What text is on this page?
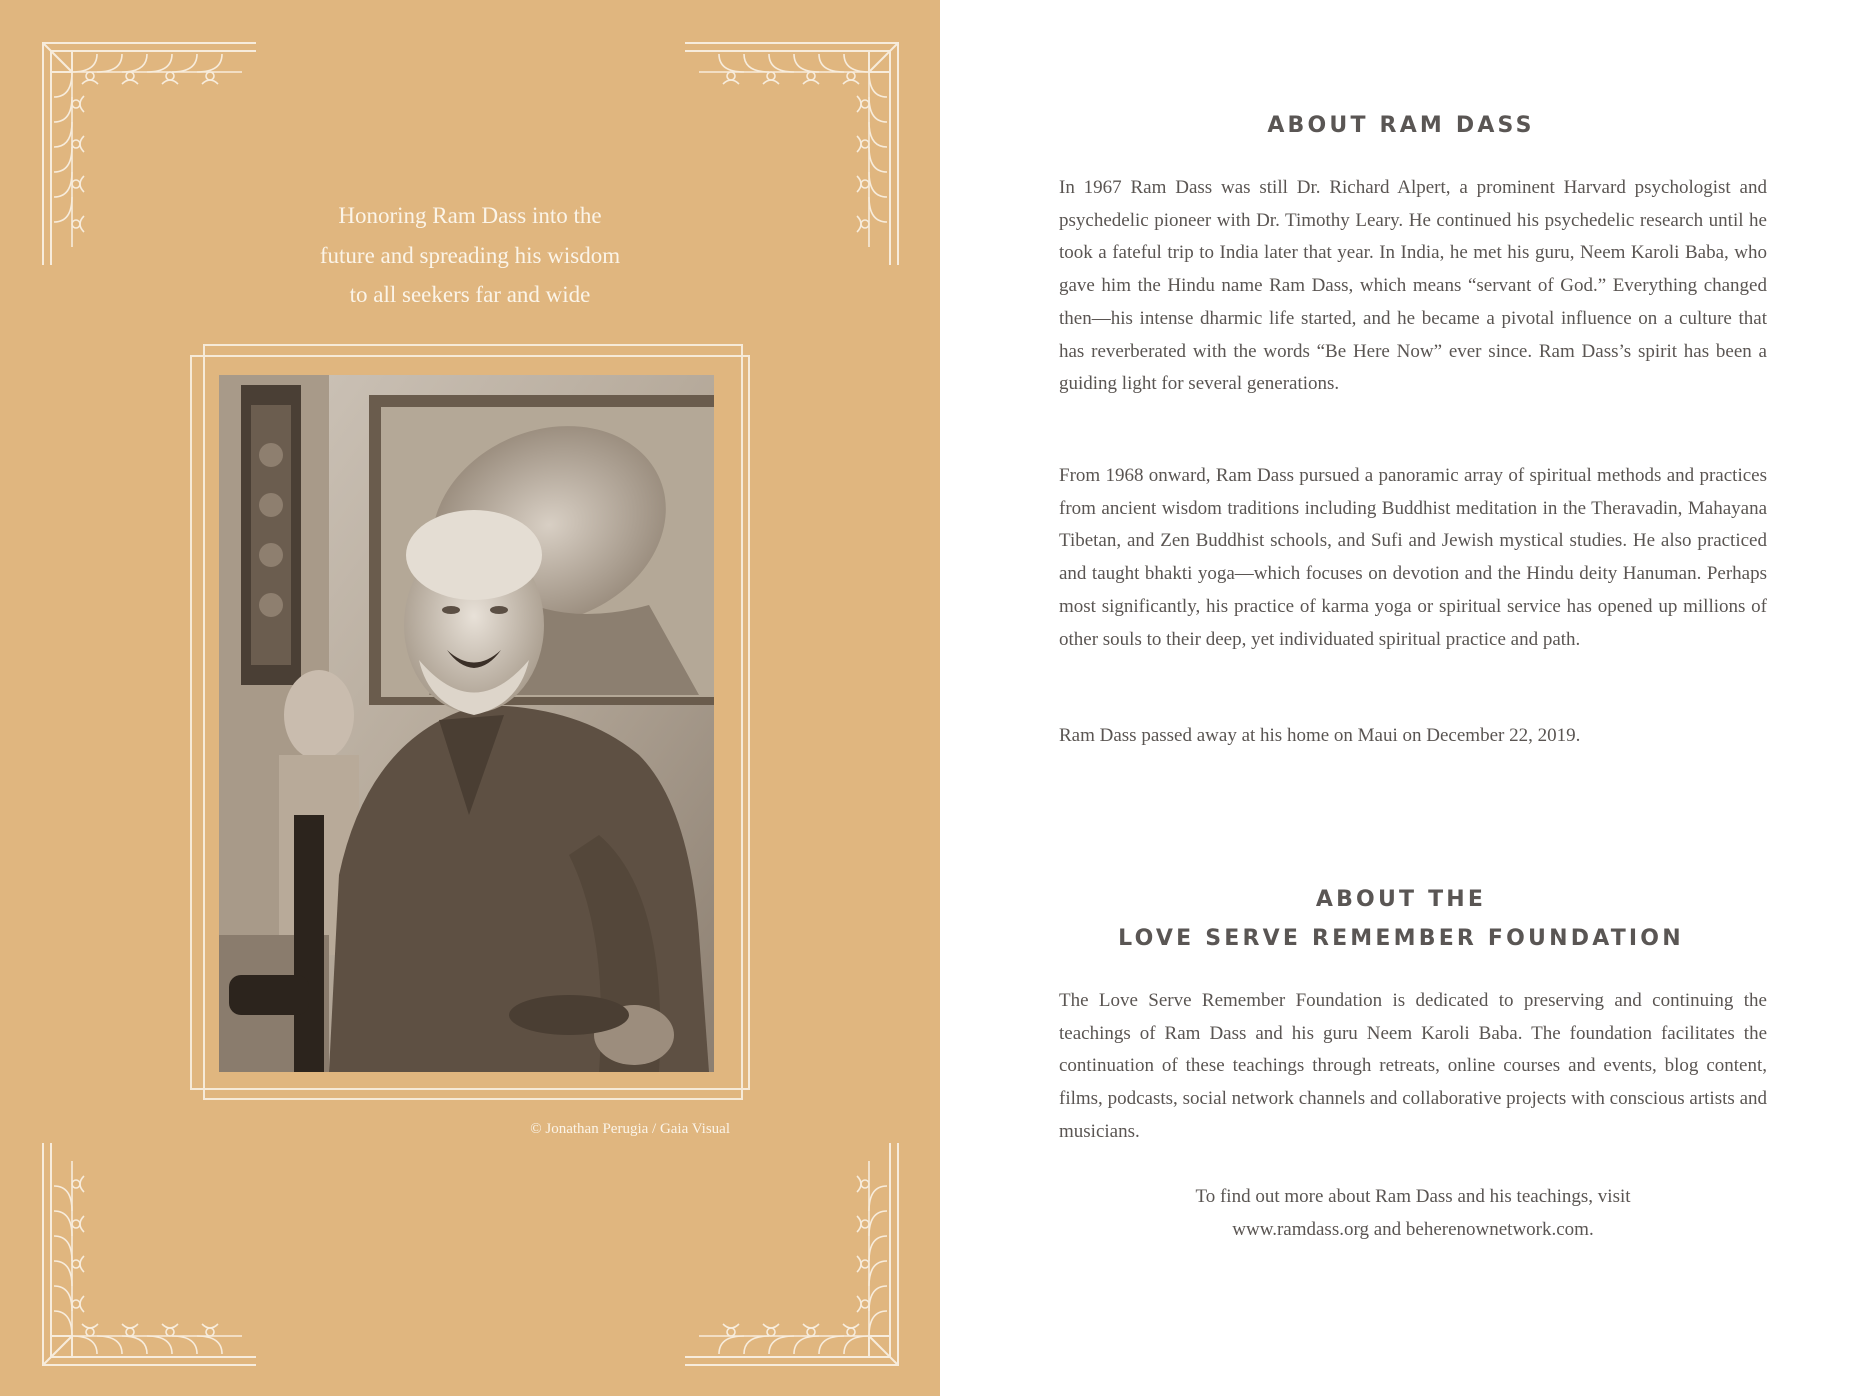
Honoring Ram Dass into the
future and spreading his wisdom
to all seekers far and wide
© Jonathan Perugia / Gaia Visual
ABOUT RAM DASS
In 1967 Ram Dass was still Dr. Richard Alpert, a prominent Harvard psychologist and psychedelic pioneer with Dr. Timothy Leary. He continued his psychedelic research until he took a fateful trip to India later that year. In India, he met his guru, Neem Karoli Baba, who gave him the Hindu name Ram Dass, which means “servant of God.” Everything changed then—his intense dharmic life started, and he became a pivotal influence on a culture that has reverberated with the words “Be Here Now” ever since. Ram Dass’s spirit has been a guiding light for several generations.
From 1968 onward, Ram Dass pursued a panoramic array of spiritual methods and practices from ancient wisdom traditions including Buddhist meditation in the Theravadin, Mahayana Tibetan, and Zen Buddhist schools, and Sufi and Jewish mystical studies. He also practiced and taught bhakti yoga—which focuses on devotion and the Hindu deity Hanuman. Perhaps most significantly, his practice of karma yoga or spiritual service has opened up millions of other souls to their deep, yet individuated spiritual practice and path.
Ram Dass passed away at his home on Maui on December 22, 2019.
ABOUT THE
LOVE SERVE REMEMBER FOUNDATION
The Love Serve Remember Foundation is dedicated to preserving and continuing the teachings of Ram Dass and his guru Neem Karoli Baba. The foundation facilitates the continuation of these teachings through retreats, online courses and events, blog content, films, podcasts, social network channels and collaborative projects with conscious artists and musicians.
To find out more about Ram Dass and his teachings, visit
www.ramdass.org and beherenownetwork.com.
